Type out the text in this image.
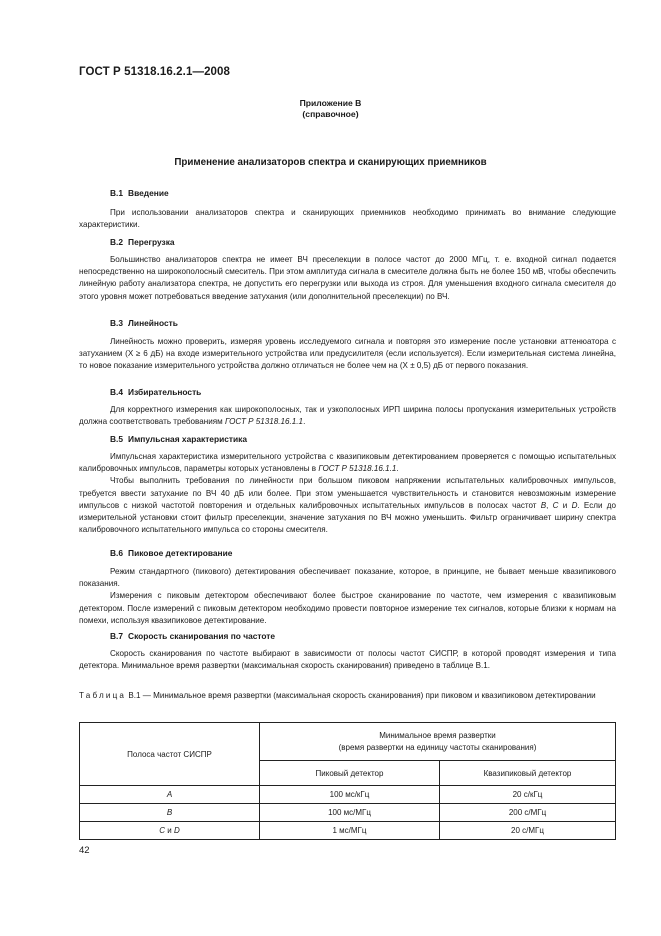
ГОСТ Р 51318.16.2.1—2008
Приложение В
(справочное)
Применение анализаторов спектра и сканирующих приемников
В.1 Введение
При использовании анализаторов спектра и сканирующих приемников необходимо принимать во внимание следующие характеристики.
В.2 Перегрузка
Большинство анализаторов спектра не имеет ВЧ преселекции в полосе частот до 2000 МГц, т. е. входной сигнал подается непосредственно на широкополосный смеситель. При этом амплитуда сигнала в смесителе должна быть не более 150 мВ, чтобы обеспечить линейную работу анализатора спектра, не допустить его перегрузки или выхода из строя. Для уменьшения входного сигнала смесителя до этого уровня может потребоваться введение затухания (или дополнительной преселекции) по ВЧ.
В.3 Линейность
Линейность можно проверить, измеряя уровень исследуемого сигнала и повторяя это измерение после установки аттенюатора с затуханием (X ≥ 6 дБ) на входе измерительного устройства или предусилителя (если используется). Если измерительная система линейна, то новое показание измерительного устройства должно отличаться не более чем на (X ± 0,5) дБ от первого показания.
В.4 Избирательность
Для корректного измерения как широкополосных, так и узкополосных ИРП ширина полосы пропускания измерительных устройств должна соответствовать требованиям ГОСТ Р 51318.16.1.1.
В.5 Импульсная характеристика
Импульсная характеристика измерительного устройства с квазипиковым детектированием проверяется с помощью испытательных калибровочных импульсов, параметры которых установлены в ГОСТ Р 51318.16.1.1.
Чтобы выполнить требования по линейности при большом пиковом напряжении испытательных калибровочных импульсов, требуется ввести затухание по ВЧ 40 дБ или более. При этом уменьшается чувствительность и становится невозможным измерение импульсов с низкой частотой повторения и отдельных калибровочных испытательных импульсов в полосах частот В, С и D. Если до измерительной установки стоит фильтр преселекции, значение затухания по ВЧ можно уменьшить. Фильтр ограничивает ширину спектра калибровочного испытательного импульса со стороны смесителя.
В.6 Пиковое детектирование
Режим стандартного (пикового) детектирования обеспечивает показание, которое, в принципе, не бывает меньше квазипикового показания.
Измерения с пиковым детектором обеспечивают более быстрое сканирование по частоте, чем измерения с квазипиковым детектором. После измерений с пиковым детектором необходимо провести повторное измерение тех сигналов, которые близки к нормам на помехи, используя квазипиковое детектирование.
В.7 Скорость сканирования по частоте
Скорость сканирования по частоте выбирают в зависимости от полосы частот СИСПР, в которой проводят измерения и типа детектора. Минимальное время развертки (максимальная скорость сканирования) приведено в таблице В.1.
Таблица В.1 — Минимальное время развертки (максимальная скорость сканирования) при пиковом и квазипиковом детектировании
Полоса частот СИСПР	Минимальное время развертки
(время развертки на единицу частоты сканирования)	

	Пиковый детектор	Квазипиковый детектор
A	100 мс/кГц	20 с/кГц
B	100 мс/МГц	200 с/МГц
C и D	1 мс/МГц	20 с/МГц
42
